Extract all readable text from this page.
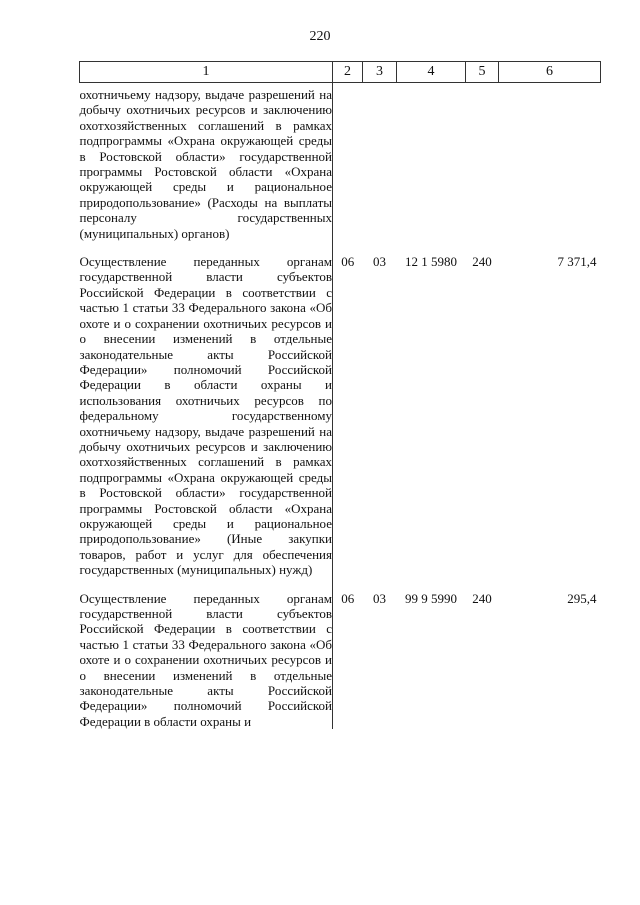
220
1	2	3	4	5	6
охотничьему надзору, выдаче разрешений на добычу охотничьих ресурсов и заключению охотхозяйственных соглашений в рамках подпрограммы «Охрана окружающей среды в Ростовской области» государственной программы Ростовской области «Охрана окружающей среды и рациональное природопользование» (Расходы на выплаты персоналу государственных (муниципальных) органов)					
Осуществление переданных органам государственной власти субъектов Российской Федерации в соответствии с частью 1 статьи 33 Федерального закона «Об охоте и о сохранении охотничьих ресурсов и о внесении изменений в отдельные законодательные акты Российской Федерации» полномочий Российской Федерации в области охраны и использования охотничьих ресурсов по федеральному государственному охотничьему надзору, выдаче разрешений на добычу охотничьих ресурсов и заключению охотхозяйственных соглашений в рамках подпрограммы «Охрана окружающей среды в Ростовской области» государственной программы Ростовской области «Охрана окружающей среды и рациональное природопользование» (Иные закупки товаров, работ и услуг для обеспечения государственных (муниципальных) нужд)	06	03	12 1 5980	240	7 371,4
Осуществление переданных органам государственной власти субъектов Российской Федерации в соответствии с частью 1 статьи 33 Федерального закона «Об охоте и о сохранении охотничьих ресурсов и о внесении изменений в отдельные законодательные акты Российской Федерации» полномочий Российской Федерации в области охраны и	06	03	99 9 5990	240	295,4
